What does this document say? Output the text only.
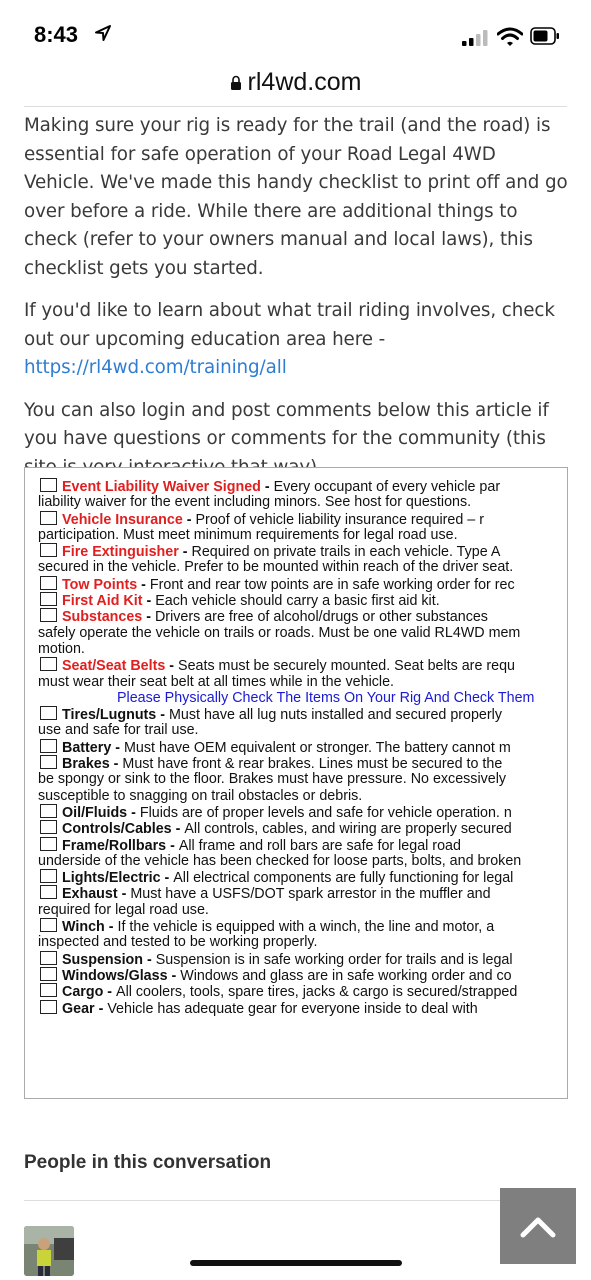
8:43
rl4wd.com

Making sure your rig is ready for the trail (and the road) is essential for safe operation of your Road Legal 4WD Vehicle. We've made this handy checklist to print off and go over before a ride. While there are additional things to check (refer to your owners manual and local laws), this checklist gets you started.

If you'd like to learn about what trail riding involves, check out our upcoming education area here - https://rl4wd.com/training/all

You can also login and post comments below this article if you have questions or comments for the community (this

Event Liability Waiver Signed - Every occupant of every vehicle par
liability waiver for the event including minors. See host for questions.
Vehicle Insurance - Proof of vehicle liability insurance required – r
participation. Must meet minimum requirements for legal road use.
Fire Extinguisher - Required on private trails in each vehicle. Type A
secured in the vehicle. Prefer to be mounted within reach of the driver seat.
Tow Points - Front and rear tow points are in safe working order for rec
First Aid Kit - Each vehicle should carry a basic first aid kit.
Substances - Drivers are free of alcohol/drugs or other substances
safely operate the vehicle on trails or roads. Must be one valid RL4WD mem
motion.
Seat/Seat Belts - Seats must be securely mounted. Seat belts are requ
must wear their seat belt at all times while in the vehicle.
Please Physically Check The Items On Your Rig And Check Them
Tires/Lugnuts - Must have all lug nuts installed and secured properly
use and safe for trail use.
Battery - Must have OEM equivalent or stronger. The battery cannot m
Brakes - Must have front & rear brakes. Lines must be secured to the
be spongy or sink to the floor. Brakes must have pressure. No excessively
susceptible to snagging on trail obstacles or debris.
Oil/Fluids - Fluids are of proper levels and safe for vehicle operation. n
Controls/Cables - All controls, cables, and wiring are properly secured
Frame/Rollbars - All frame and roll bars are safe for legal road
underside of the vehicle has been checked for loose parts, bolts, and broken
Lights/Electric - All electrical components are fully functioning for legal
Exhaust - Must have a USFS/DOT spark arrestor in the muffler and
required for legal road use.
Winch - If the vehicle is equipped with a winch, the line and motor, a
inspected and tested to be working properly.
Suspension - Suspension is in safe working order for trails and is legal
Windows/Glass - Windows and glass are in safe working order and co
Cargo - All coolers, tools, spare tires, jacks & cargo is secured/strapped
Gear - Vehicle has adequate gear for everyone inside to deal with
People in this conversation
